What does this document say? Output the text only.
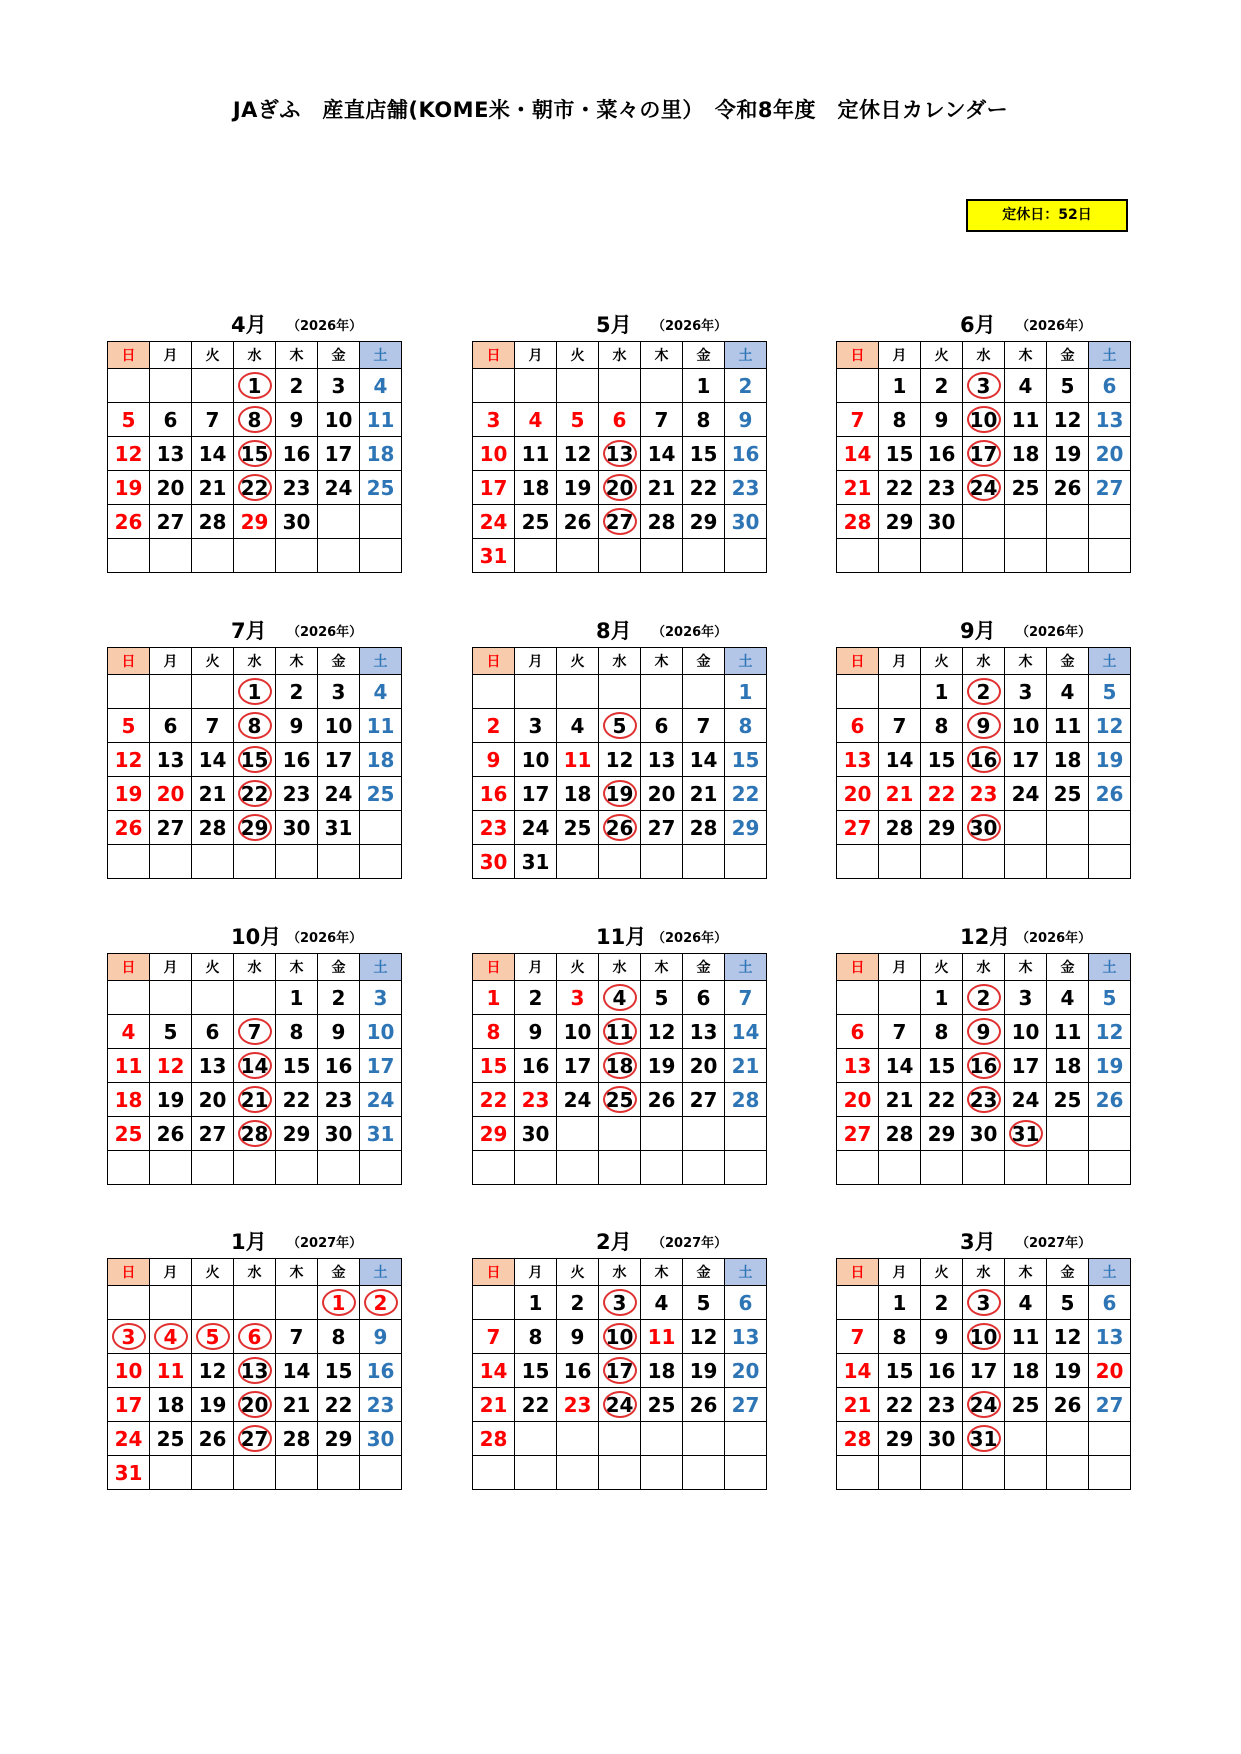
JAぎふ　産直店舗(KOME米・朝市・菜々の里）　令和8年度　定休日カレンダー
定休日：52日
4月 （2026年）
日	月	火	水	木	金	土
			1	2	3	4
5	6	7	8	9	10	11
12	13	14	15	16	17	18
19	20	21	22	23	24	25
26	27	28	29	30		

5月 （2026年）
日	月	火	水	木	金	土
					1	2
3	4	5	6	7	8	9
10	11	12	13	14	15	16
17	18	19	20	21	22	23
24	25	26	27	28	29	30
31						
6月 （2026年）
日	月	火	水	木	金	土
	1	2	3	4	5	6
7	8	9	10	11	12	13
14	15	16	17	18	19	20
21	22	23	24	25	26	27
28	29	30				

7月 （2026年）
日	月	火	水	木	金	土
			1	2	3	4
5	6	7	8	9	10	11
12	13	14	15	16	17	18
19	20	21	22	23	24	25
26	27	28	29	30	31	

8月 （2026年）
日	月	火	水	木	金	土
						1
2	3	4	5	6	7	8
9	10	11	12	13	14	15
16	17	18	19	20	21	22
23	24	25	26	27	28	29
30	31					
9月 （2026年）
日	月	火	水	木	金	土
		1	2	3	4	5
6	7	8	9	10	11	12
13	14	15	16	17	18	19
20	21	22	23	24	25	26
27	28	29	30			

10月 （2026年）
日	月	火	水	木	金	土
				1	2	3
4	5	6	7	8	9	10
11	12	13	14	15	16	17
18	19	20	21	22	23	24
25	26	27	28	29	30	31

11月 （2026年）
日	月	火	水	木	金	土
1	2	3	4	5	6	7
8	9	10	11	12	13	14
15	16	17	18	19	20	21
22	23	24	25	26	27	28
29	30					

12月 （2026年）
日	月	火	水	木	金	土
		1	2	3	4	5
6	7	8	9	10	11	12
13	14	15	16	17	18	19
20	21	22	23	24	25	26
27	28	29	30	31		

1月 （2027年）
日	月	火	水	木	金	土
					1	2
3	4	5	6	7	8	9
10	11	12	13	14	15	16
17	18	19	20	21	22	23
24	25	26	27	28	29	30
31						
2月 （2027年）
日	月	火	水	木	金	土
	1	2	3	4	5	6
7	8	9	10	11	12	13
14	15	16	17	18	19	20
21	22	23	24	25	26	27
28						

3月 （2027年）
日	月	火	水	木	金	土
	1	2	3	4	5	6
7	8	9	10	11	12	13
14	15	16	17	18	19	20
21	22	23	24	25	26	27
28	29	30	31			
